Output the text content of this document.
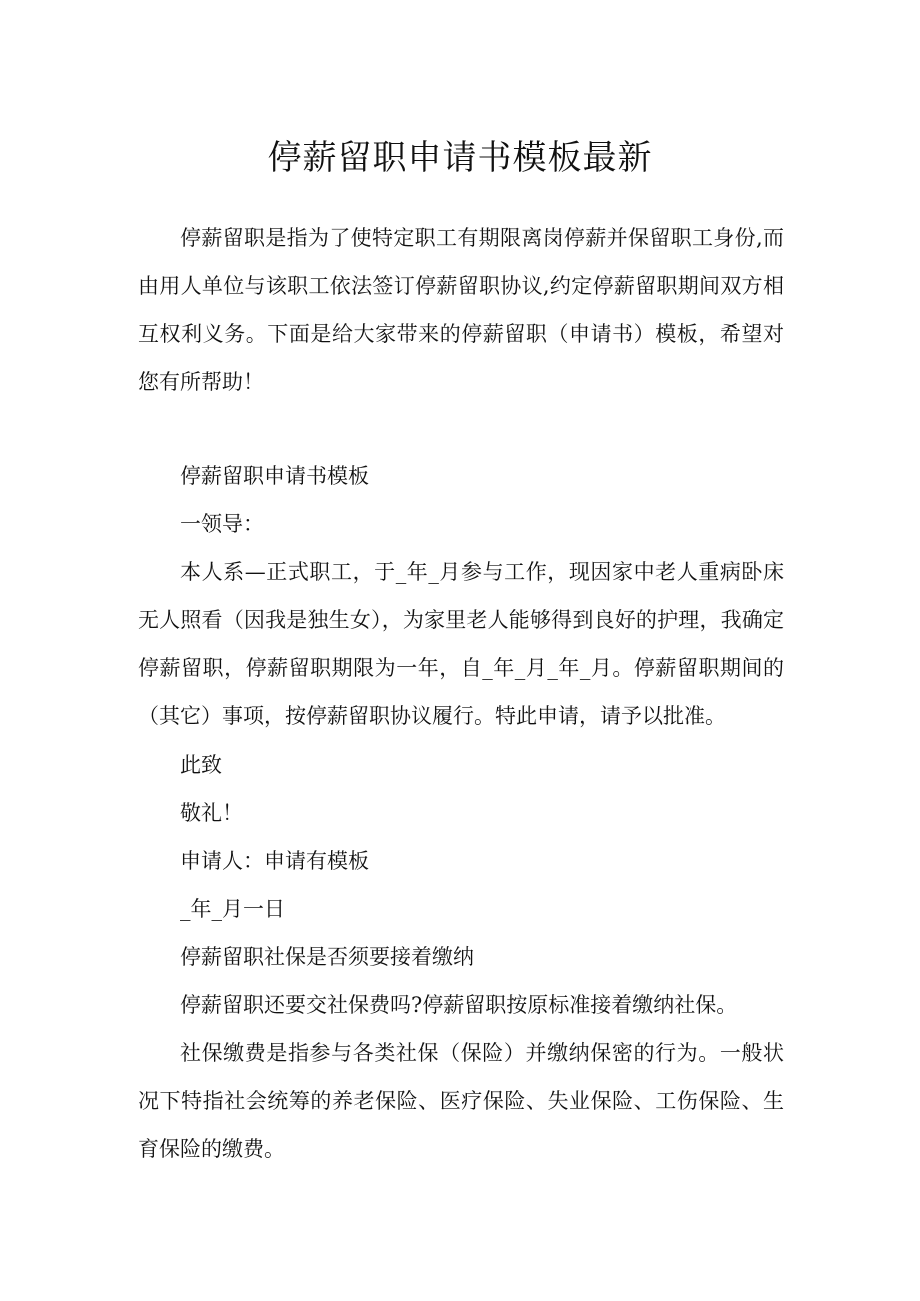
停薪留职申请书模板最新

停薪留职是指为了使特定职工有期限离岗停薪并保留职工身份,而由用人单位与该职工依法签订停薪留职协议,约定停薪留职期间双方相互权利义务。下面是给大家带来的停薪留职（申请书）模板，希望对您有所帮助！

停薪留职申请书模板

一领导：

本人系—正式职工，于_年_月参与工作，现因家中老人重病卧床无人照看（因我是独生女），为家里老人能够得到良好的护理，我确定停薪留职，停薪留职期限为一年，自_年_月_年_月。停薪留职期间的（其它）事项，按停薪留职协议履行。特此申请，请予以批准。

此致

敬礼！

申请人：申请有模板

_年_月一日

停薪留职社保是否须要接着缴纳

停薪留职还要交社保费吗?停薪留职按原标准接着缴纳社保。

社保缴费是指参与各类社保（保险）并缴纳保密的行为。一般状况下特指社会统筹的养老保险、医疗保险、失业保险、工伤保险、生育保险的缴费。
